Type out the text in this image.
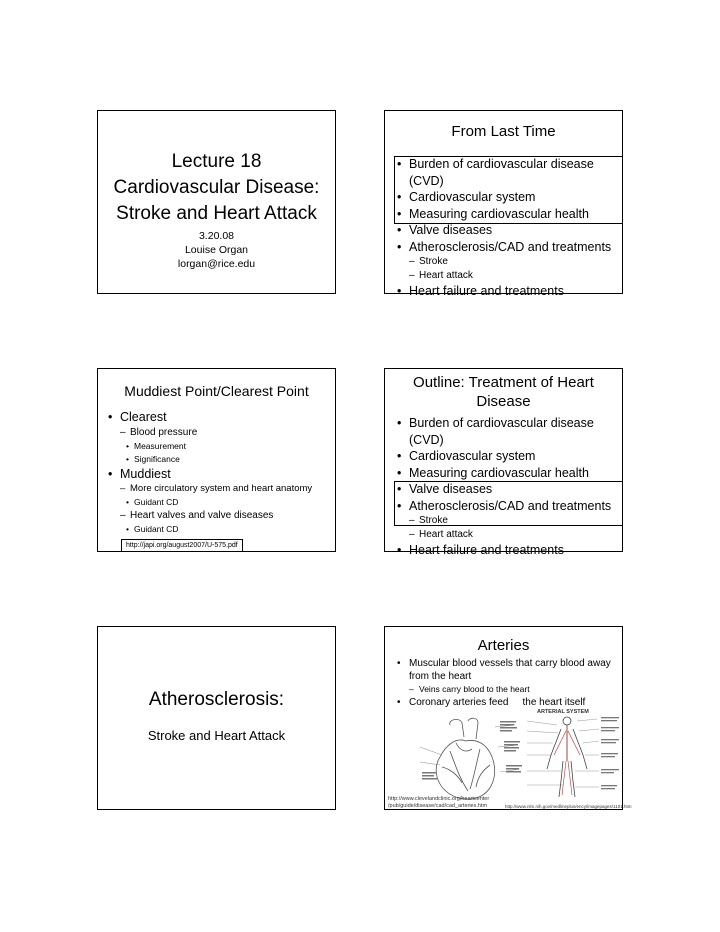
Lecture 18
Cardiovascular Disease:
Stroke and Heart Attack
3.20.08
Louise Organ
lorgan@rice.edu
From Last Time
• Burden of cardiovascular disease (CVD)
• Cardiovascular system
• Measuring cardiovascular health
• Valve diseases
• Atherosclerosis/CAD and treatments
– Stroke
– Heart attack
• Heart failure and treatments
Muddiest Point/Clearest Point
• Clearest
– Blood pressure
• Measurement
• Significance
• Muddiest
– More circulatory system and heart anatomy
• Guidant CD
– Heart valves and valve diseases
• Guidant CD
http://japi.org/august2007/U-575.pdf
Outline: Treatment of Heart
Disease
• Burden of cardiovascular disease (CVD)
• Cardiovascular system
• Measuring cardiovascular health
• Valve diseases
• Atherosclerosis/CAD and treatments
– Stroke
– Heart attack
• Heart failure and treatments
Atherosclerosis:
Stroke and Heart Attack
Arteries
• Muscular blood vessels that carry blood away
from the heart
– Veins carry blood to the heart
• Coronary arteries feed the heart itself
ARTERIAL SYSTEM
http://www.clevelandclinic.org/heartcenter
/pub/guide/disease/cad/cad_arteries.htm	http://www.nlm.nih.gov/medlineplus/ency/imagepages/1101.htm
